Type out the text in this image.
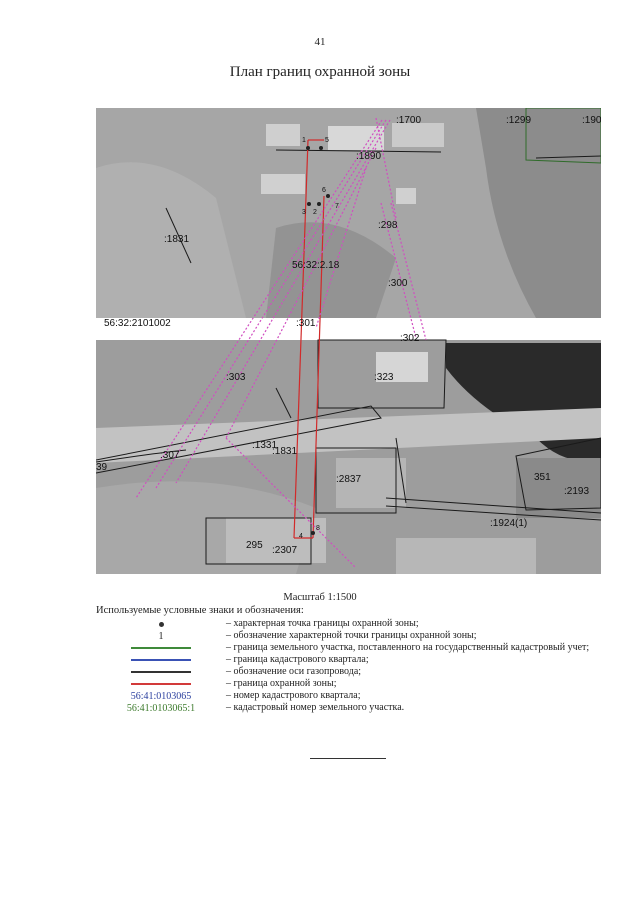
41
План границ охранной зоны
1
2
3
4
5
6
7
8
:1700	:1299	:190
:1890
:1831
:298
56:32:2.18
:300
56:32:2101002	:301
:302
:303	:323
:1331
:1831
:307
39
:2837	351
:2193
:1924(1)
295 :2307
Масштаб 1:1500
Используемые условные знаки и обозначения:
– характерная точка границы охранной зоны;
1	– обозначение характерной точки границы охранной зоны;
– граница земельного участка, поставленного на государственный кадастровый учет;
– граница кадастрового квартала;
– обозначение оси газопровода;
– граница охранной зоны;
56:41:0103065	– номер кадастрового квартала;
56:41:0103065:1	– кадастровый номер земельного участка.
